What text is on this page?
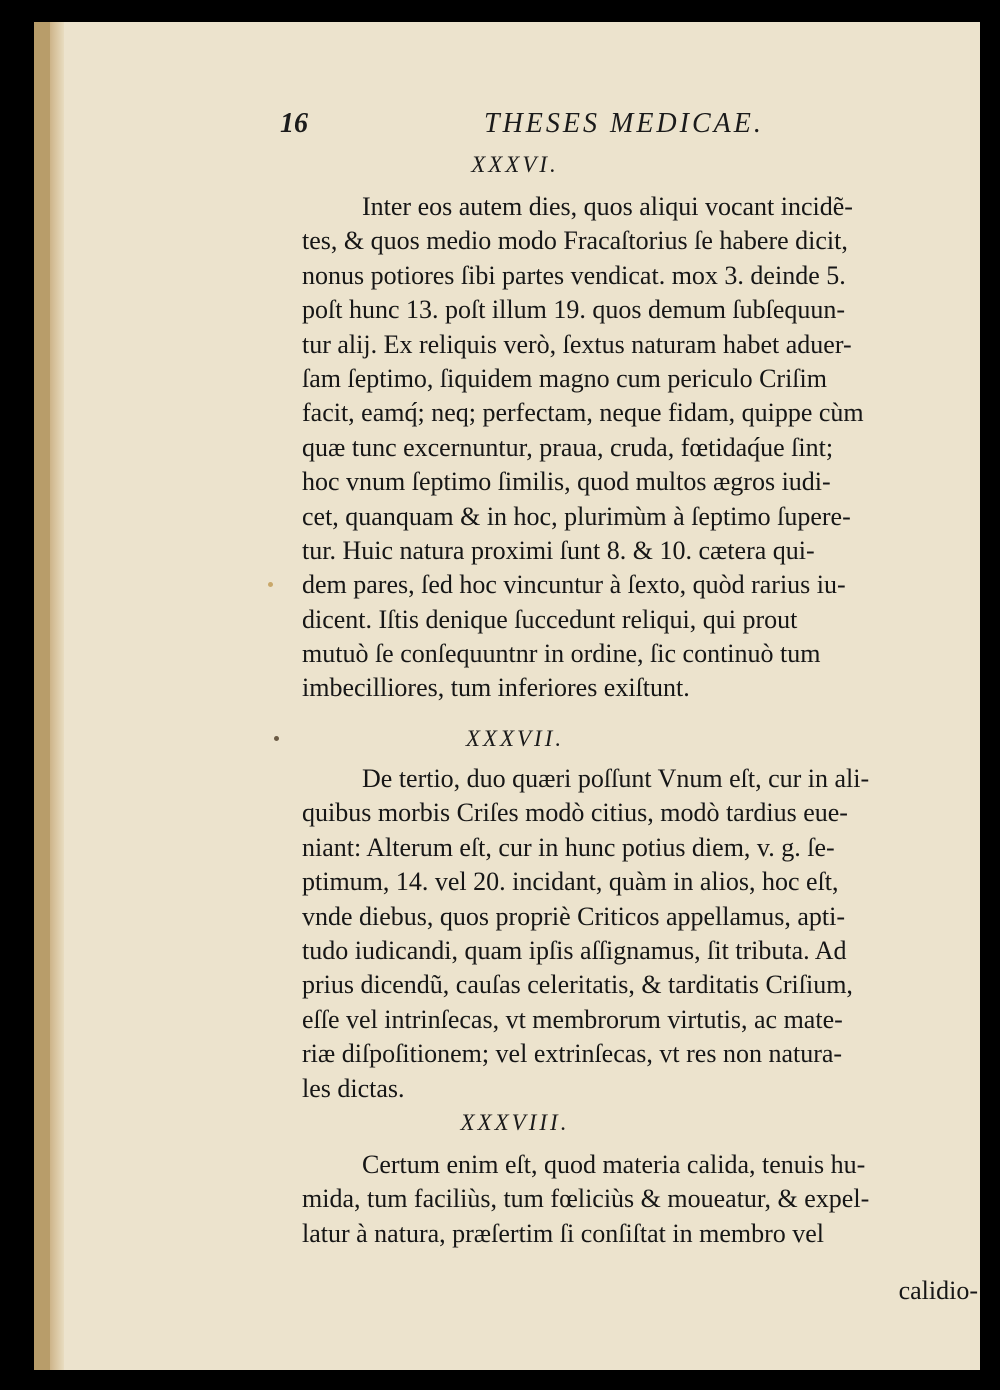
16	THESES MEDICAE.
XXXVI.
Inter eos autem dies, quos aliqui vocant incidẽ-
tes, & quos medio modo Fracaſtorius ſe habere dicit,
nonus potiores ſibi partes vendicat. mox 3. deinde 5.
poſt hunc 13. poſt illum 19. quos demum ſubſequun-
tur alij. Ex reliquis verò, ſextus naturam habet aduer-
ſam ſeptimo, ſiquidem magno cum periculo Criſim
facit, eamq́; neq; perfectam, neque fidam, quippe cùm
quæ tunc excernuntur, praua, cruda, fœtidaq́ue ſint;
hoc vnum ſeptimo ſimilis, quod multos ægros iudi-
cet, quanquam & in hoc, plurimùm à ſeptimo ſupere-
tur. Huic natura proximi ſunt 8. & 10. cætera qui-
dem pares, ſed hoc vincuntur à ſexto, quòd rarius iu-
dicent. Iſtis denique ſuccedunt reliqui, qui prout
mutuò ſe conſequuntnr in ordine, ſic continuò tum
imbecilliores, tum inferiores exiſtunt.
XXXVII.
De tertio, duo quæri poſſunt Vnum eſt, cur in ali-
quibus morbis Criſes modò citius, modò tardius eue-
niant: Alterum eſt, cur in hunc potius diem, v. g. ſe-
ptimum, 14. vel 20. incidant, quàm in alios, hoc eſt,
vnde diebus, quos propriè Criticos appellamus, apti-
tudo iudicandi, quam ipſis aſſignamus, ſit tributa. Ad
prius dicendũ, cauſas celeritatis, & tarditatis Criſium,
eſſe vel intrinſecas, vt membrorum virtutis, ac mate-
riæ diſpoſitionem; vel extrinſecas, vt res non natura-
les dictas.
XXXVIII.
Certum enim eſt, quod materia calida, tenuis hu-
mida, tum faciliùs, tum fœliciùs & moueatur, & expel-
latur à natura, præſertim ſi conſiſtat in membro vel
calidio-
